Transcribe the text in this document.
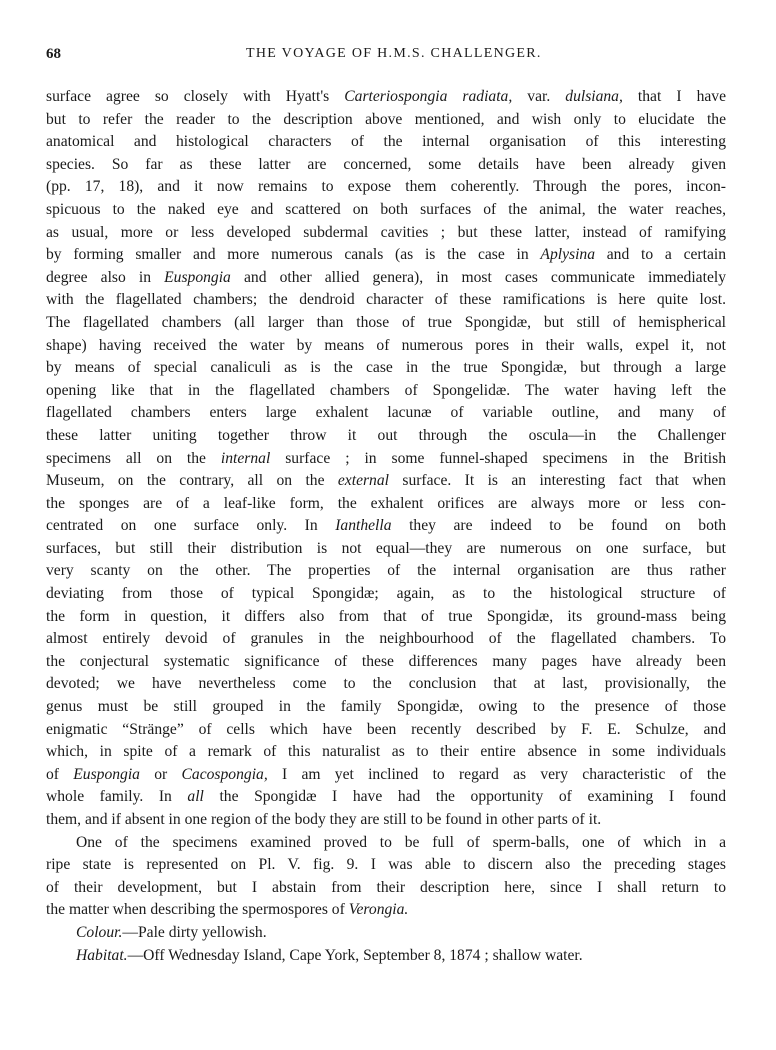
68	THE VOYAGE OF H.M.S. CHALLENGER.
surface agree so closely with Hyatt's Carteriospongia radiata, var. dulsiana, that I have
but to refer the reader to the description above mentioned, and wish only to elucidate the
anatomical and histological characters of the internal organisation of this interesting
species. So far as these latter are concerned, some details have been already given
(pp. 17, 18), and it now remains to expose them coherently. Through the pores, incon-
spicuous to the naked eye and scattered on both surfaces of the animal, the water reaches,
as usual, more or less developed subdermal cavities ; but these latter, instead of ramifying
by forming smaller and more numerous canals (as is the case in Aplysina and to a certain
degree also in Euspongia and other allied genera), in most cases communicate immediately
with the flagellated chambers; the dendroid character of these ramifications is here quite lost.
The flagellated chambers (all larger than those of true Spongidæ, but still of hemispherical
shape) having received the water by means of numerous pores in their walls, expel it, not
by means of special canaliculi as is the case in the true Spongidæ, but through a large
opening like that in the flagellated chambers of Spongelidæ. The water having left the
flagellated chambers enters large exhalent lacunæ of variable outline, and many of
these latter uniting together throw it out through the oscula—in the Challenger
specimens all on the internal surface ; in some funnel-shaped specimens in the British
Museum, on the contrary, all on the external surface. It is an interesting fact that when
the sponges are of a leaf-like form, the exhalent orifices are always more or less con-
centrated on one surface only. In Ianthella they are indeed to be found on both
surfaces, but still their distribution is not equal—they are numerous on one surface, but
very scanty on the other. The properties of the internal organisation are thus rather
deviating from those of typical Spongidæ; again, as to the histological structure of
the form in question, it differs also from that of true Spongidæ, its ground-mass being
almost entirely devoid of granules in the neighbourhood of the flagellated chambers. To
the conjectural systematic significance of these differences many pages have already been
devoted; we have nevertheless come to the conclusion that at last, provisionally, the
genus must be still grouped in the family Spongidæ, owing to the presence of those
enigmatic “Stränge” of cells which have been recently described by F. E. Schulze, and
which, in spite of a remark of this naturalist as to their entire absence in some individuals
of Euspongia or Cacospongia, I am yet inclined to regard as very characteristic of the
whole family. In all the Spongidæ I have had the opportunity of examining I found
them, and if absent in one region of the body they are still to be found in other parts of it.
One of the specimens examined proved to be full of sperm-balls, one of which in a
ripe state is represented on Pl. V. fig. 9. I was able to discern also the preceding stages
of their development, but I abstain from their description here, since I shall return to
the matter when describing the spermospores of Verongia.
Colour.—Pale dirty yellowish.
Habitat.—Off Wednesday Island, Cape York, September 8, 1874 ; shallow water.
